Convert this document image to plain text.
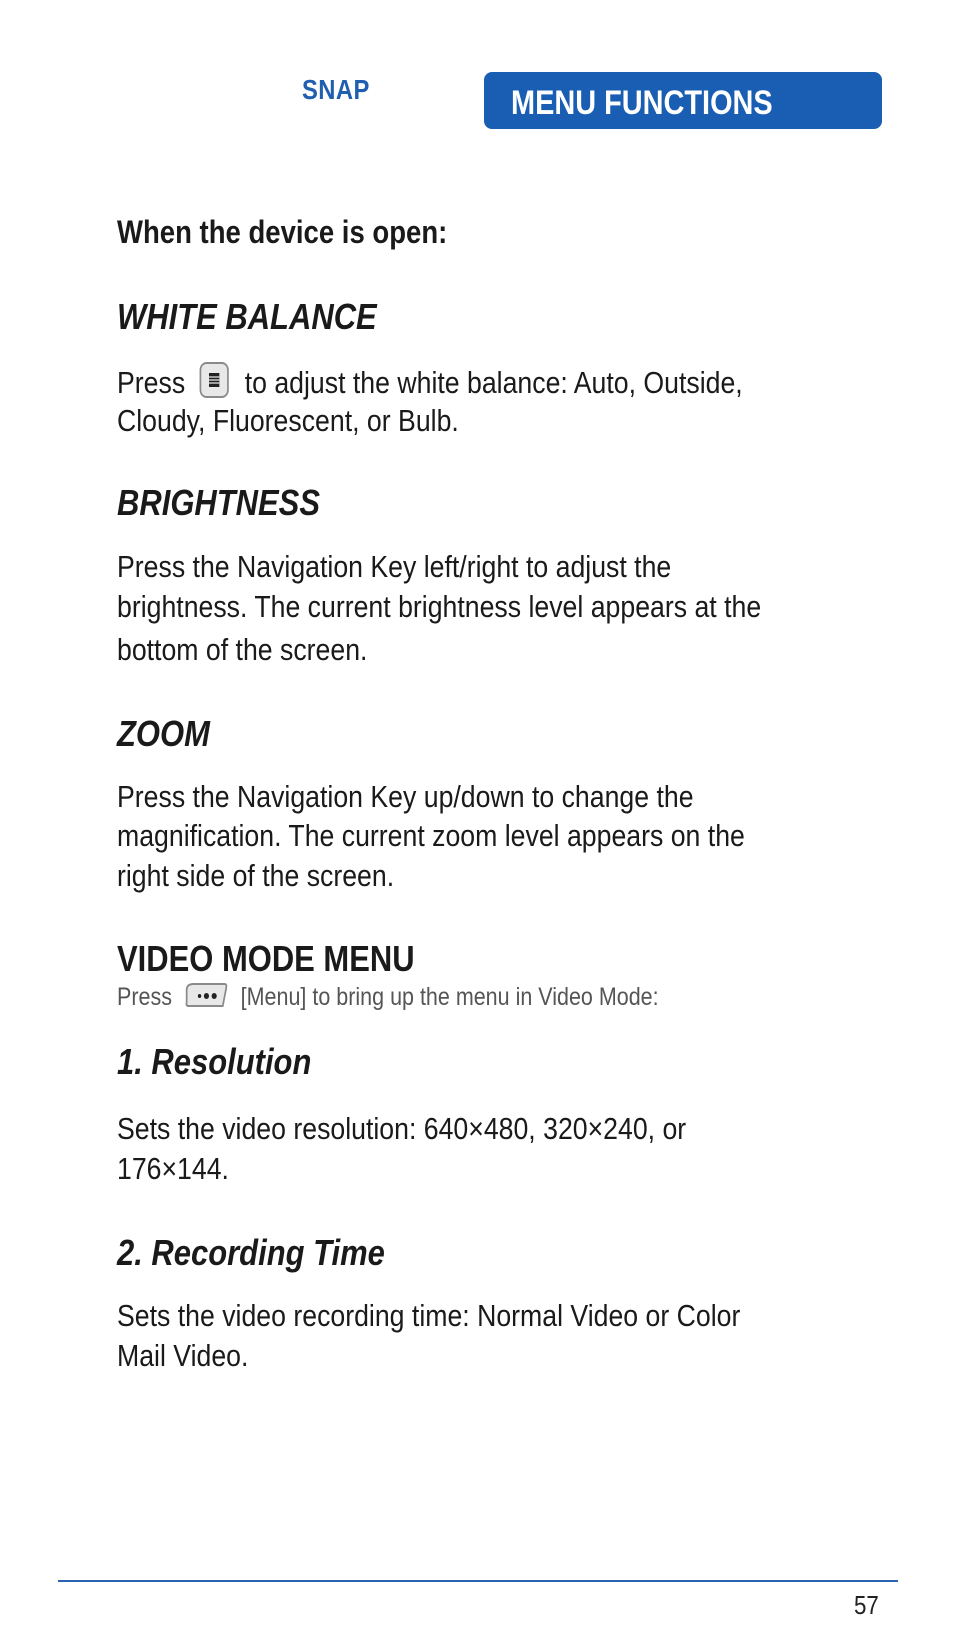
SNAP	MENU FUNCTIONS
When the device is open:
WHITE BALANCE
Press to adjust the white balance: Auto, Outside,
Cloudy, Fluorescent, or Bulb.
BRIGHTNESS
Press the Navigation Key left/right to adjust the
brightness. The current brightness level appears at the
bottom of the screen.
ZOOM
Press the Navigation Key up/down to change the
magnification. The current zoom level appears on the
right side of the screen.
VIDEO MODE MENU
Press	[Menu] to bring up the menu in Video Mode:
1. Resolution
Sets the video resolution: 640×480, 320×240, or
176×144.
2. Recording Time
Sets the video recording time: Normal Video or Color
Mail Video.
57
